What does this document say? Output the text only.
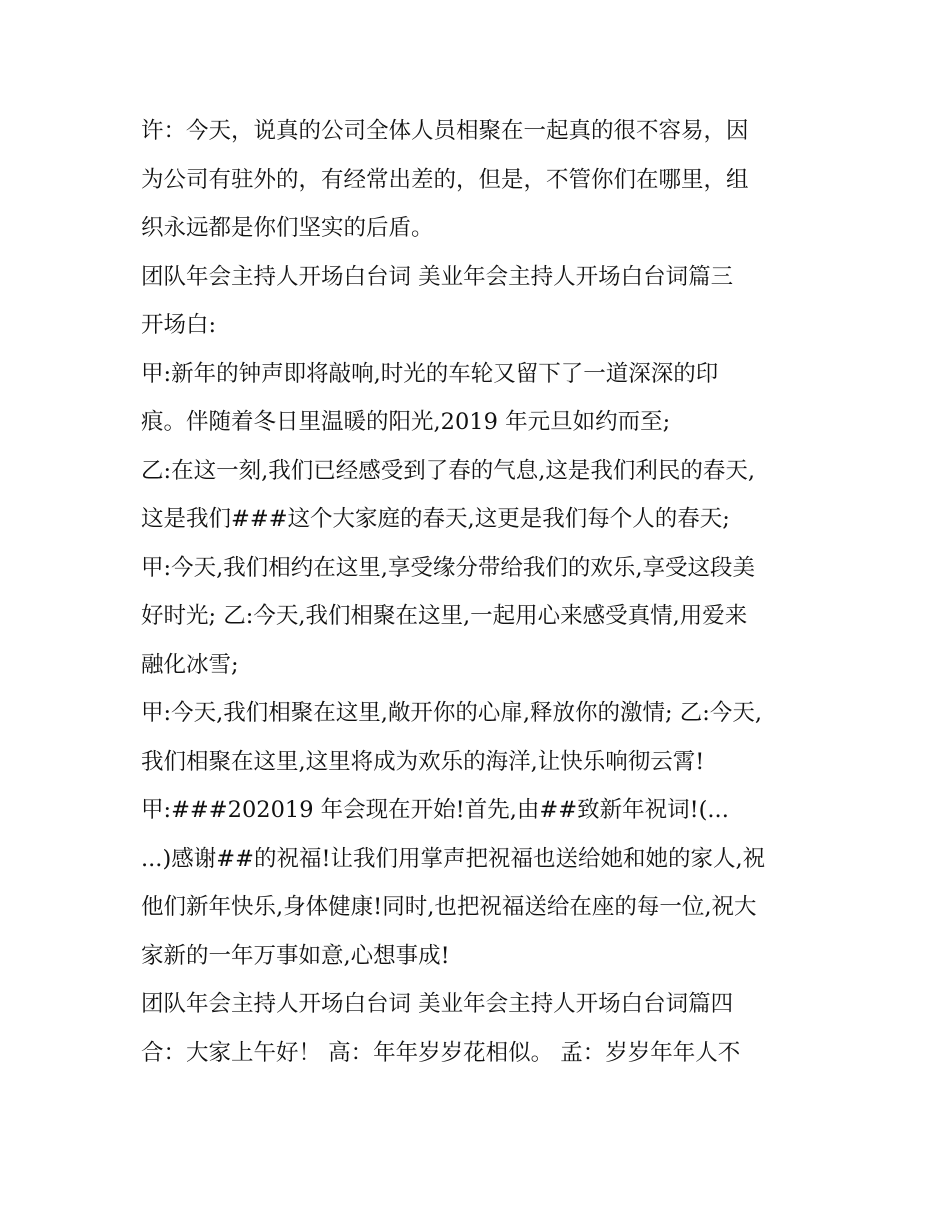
许：今天，说真的公司全体人员相聚在一起真的很不容易，因
为公司有驻外的，有经常出差的，但是，不管你们在哪里，组
织永远都是你们坚实的后盾。
团队年会主持人开场白台词 美业年会主持人开场白台词篇三
开场白:
甲:新年的钟声即将敲响,时光的车轮又留下了一道深深的印
痕。伴随着冬日里温暖的阳光,2019 年元旦如约而至;
乙:在这一刻,我们已经感受到了春的气息,这是我们利民的春天,
这是我们###这个大家庭的春天,这更是我们每个人的春天;
甲:今天,我们相约在这里,享受缘分带给我们的欢乐,享受这段美
好时光; 乙:今天,我们相聚在这里,一起用心来感受真情,用爱来
融化冰雪;
甲:今天,我们相聚在这里,敞开你的心扉,释放你的激情; 乙:今天,
我们相聚在这里,这里将成为欢乐的海洋,让快乐响彻云霄!
甲:###202019 年会现在开始!首先,由##致新年祝词!(...
...)感谢##的祝福!让我们用掌声把祝福也送给她和她的家人,祝
他们新年快乐,身体健康!同时,也把祝福送给在座的每一位,祝大
家新的一年万事如意,心想事成!
团队年会主持人开场白台词 美业年会主持人开场白台词篇四
合：大家上午好！ 高：年年岁岁花相似。 孟：岁岁年年人不
